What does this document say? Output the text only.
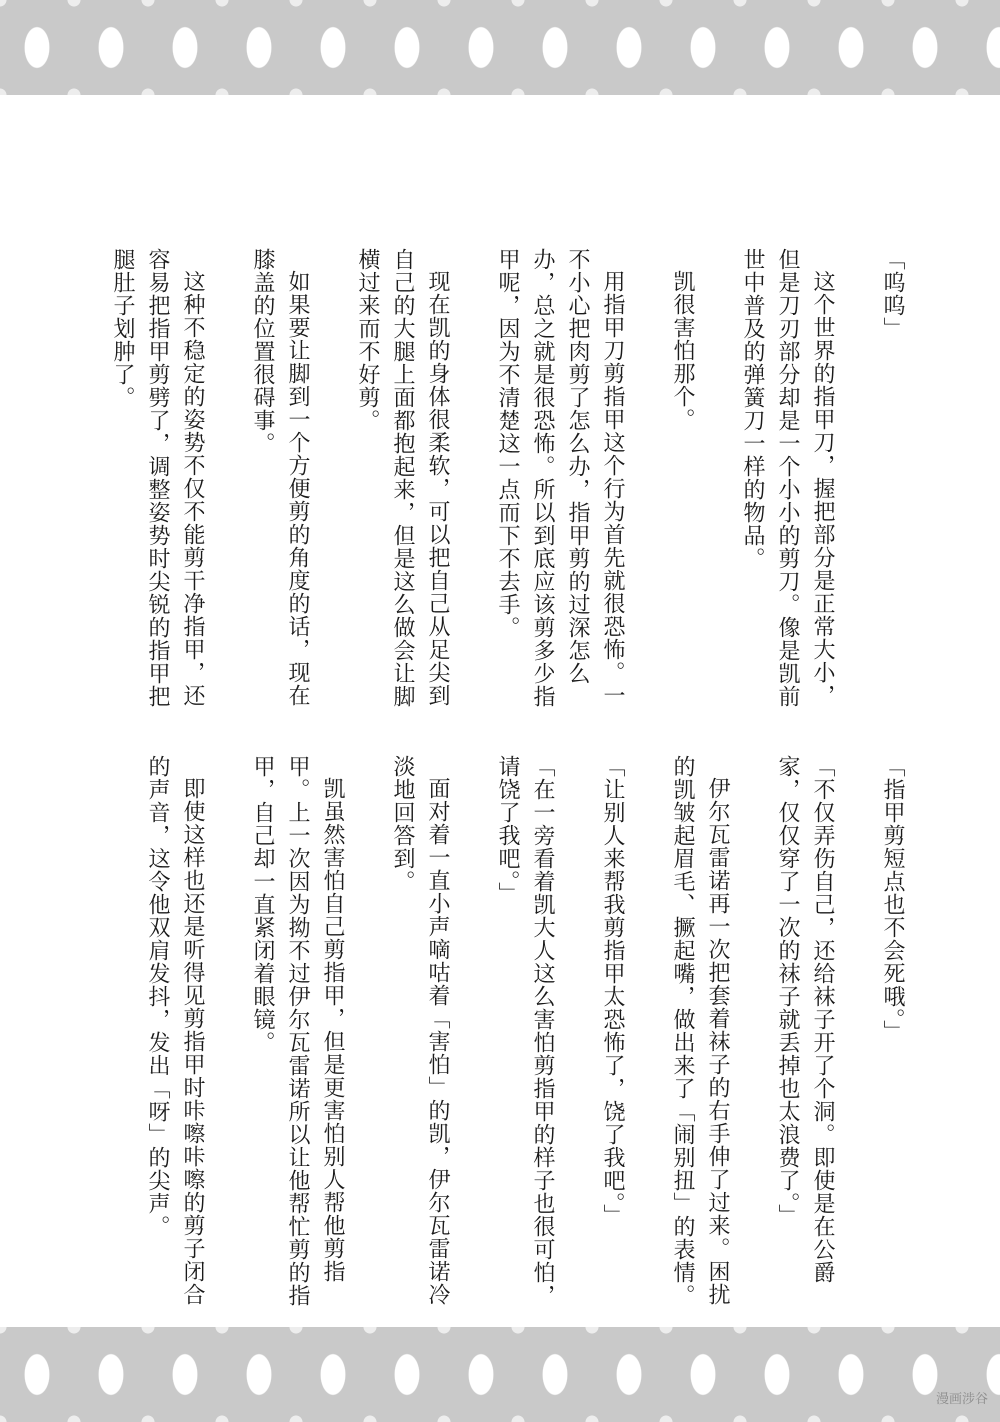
「呜呜」

这个世界的指甲刀，握把部分是正常大小，但是刀刃部分却是一个小小的剪刀。像是凯前世中普及的弹簧刀一样的物品。

凯很害怕那个。

用指甲刀剪指甲这个行为首先就很恐怖。一不小心把肉剪了怎么办，指甲剪的过深怎么办，总之就是很恐怖。所以到底应该剪多少指甲呢，因为不清楚这一点而下不去手。

现在凯的身体很柔软，可以把自己从足尖到自己的大腿上面都抱起来，但是这么做会让脚横过来而不好剪。

如果要让脚到一个方便剪的角度的话，现在膝盖的位置很碍事。

这种不稳定的姿势不仅不能剪干净指甲，还容易把指甲剪劈了，调整姿势时尖锐的指甲把腿肚子划肿了。

「指甲剪短点也不会死哦。」

「不仅弄伤自己，还给袜子开了个洞。即使是在公爵家，仅仅穿了一次的袜子就丢掉也太浪费了。」

伊尔瓦雷诺再一次把套着袜子的右手伸了过来。困扰的凯皱起眉毛、撅起嘴，做出来了「闹别扭」的表情。

「让别人来帮我剪指甲太恐怖了，饶了我吧。」

「在一旁看着凯大人这么害怕剪指甲的样子也很可怕，请饶了我吧。」

面对着一直小声嘀咕着「害怕」的凯，伊尔瓦雷诺冷淡地回答到。

凯虽然害怕自己剪指甲，但是更害怕别人帮他剪指甲。上一次因为拗不过伊尔瓦雷诺所以让他帮忙剪的指甲，自己却一直紧闭着眼镜。

即使这样也还是听得见剪指甲时咔嚓咔嚓的剪子闭合的声音，这令他双肩发抖，发出「呀」的尖声。

漫画涉谷
